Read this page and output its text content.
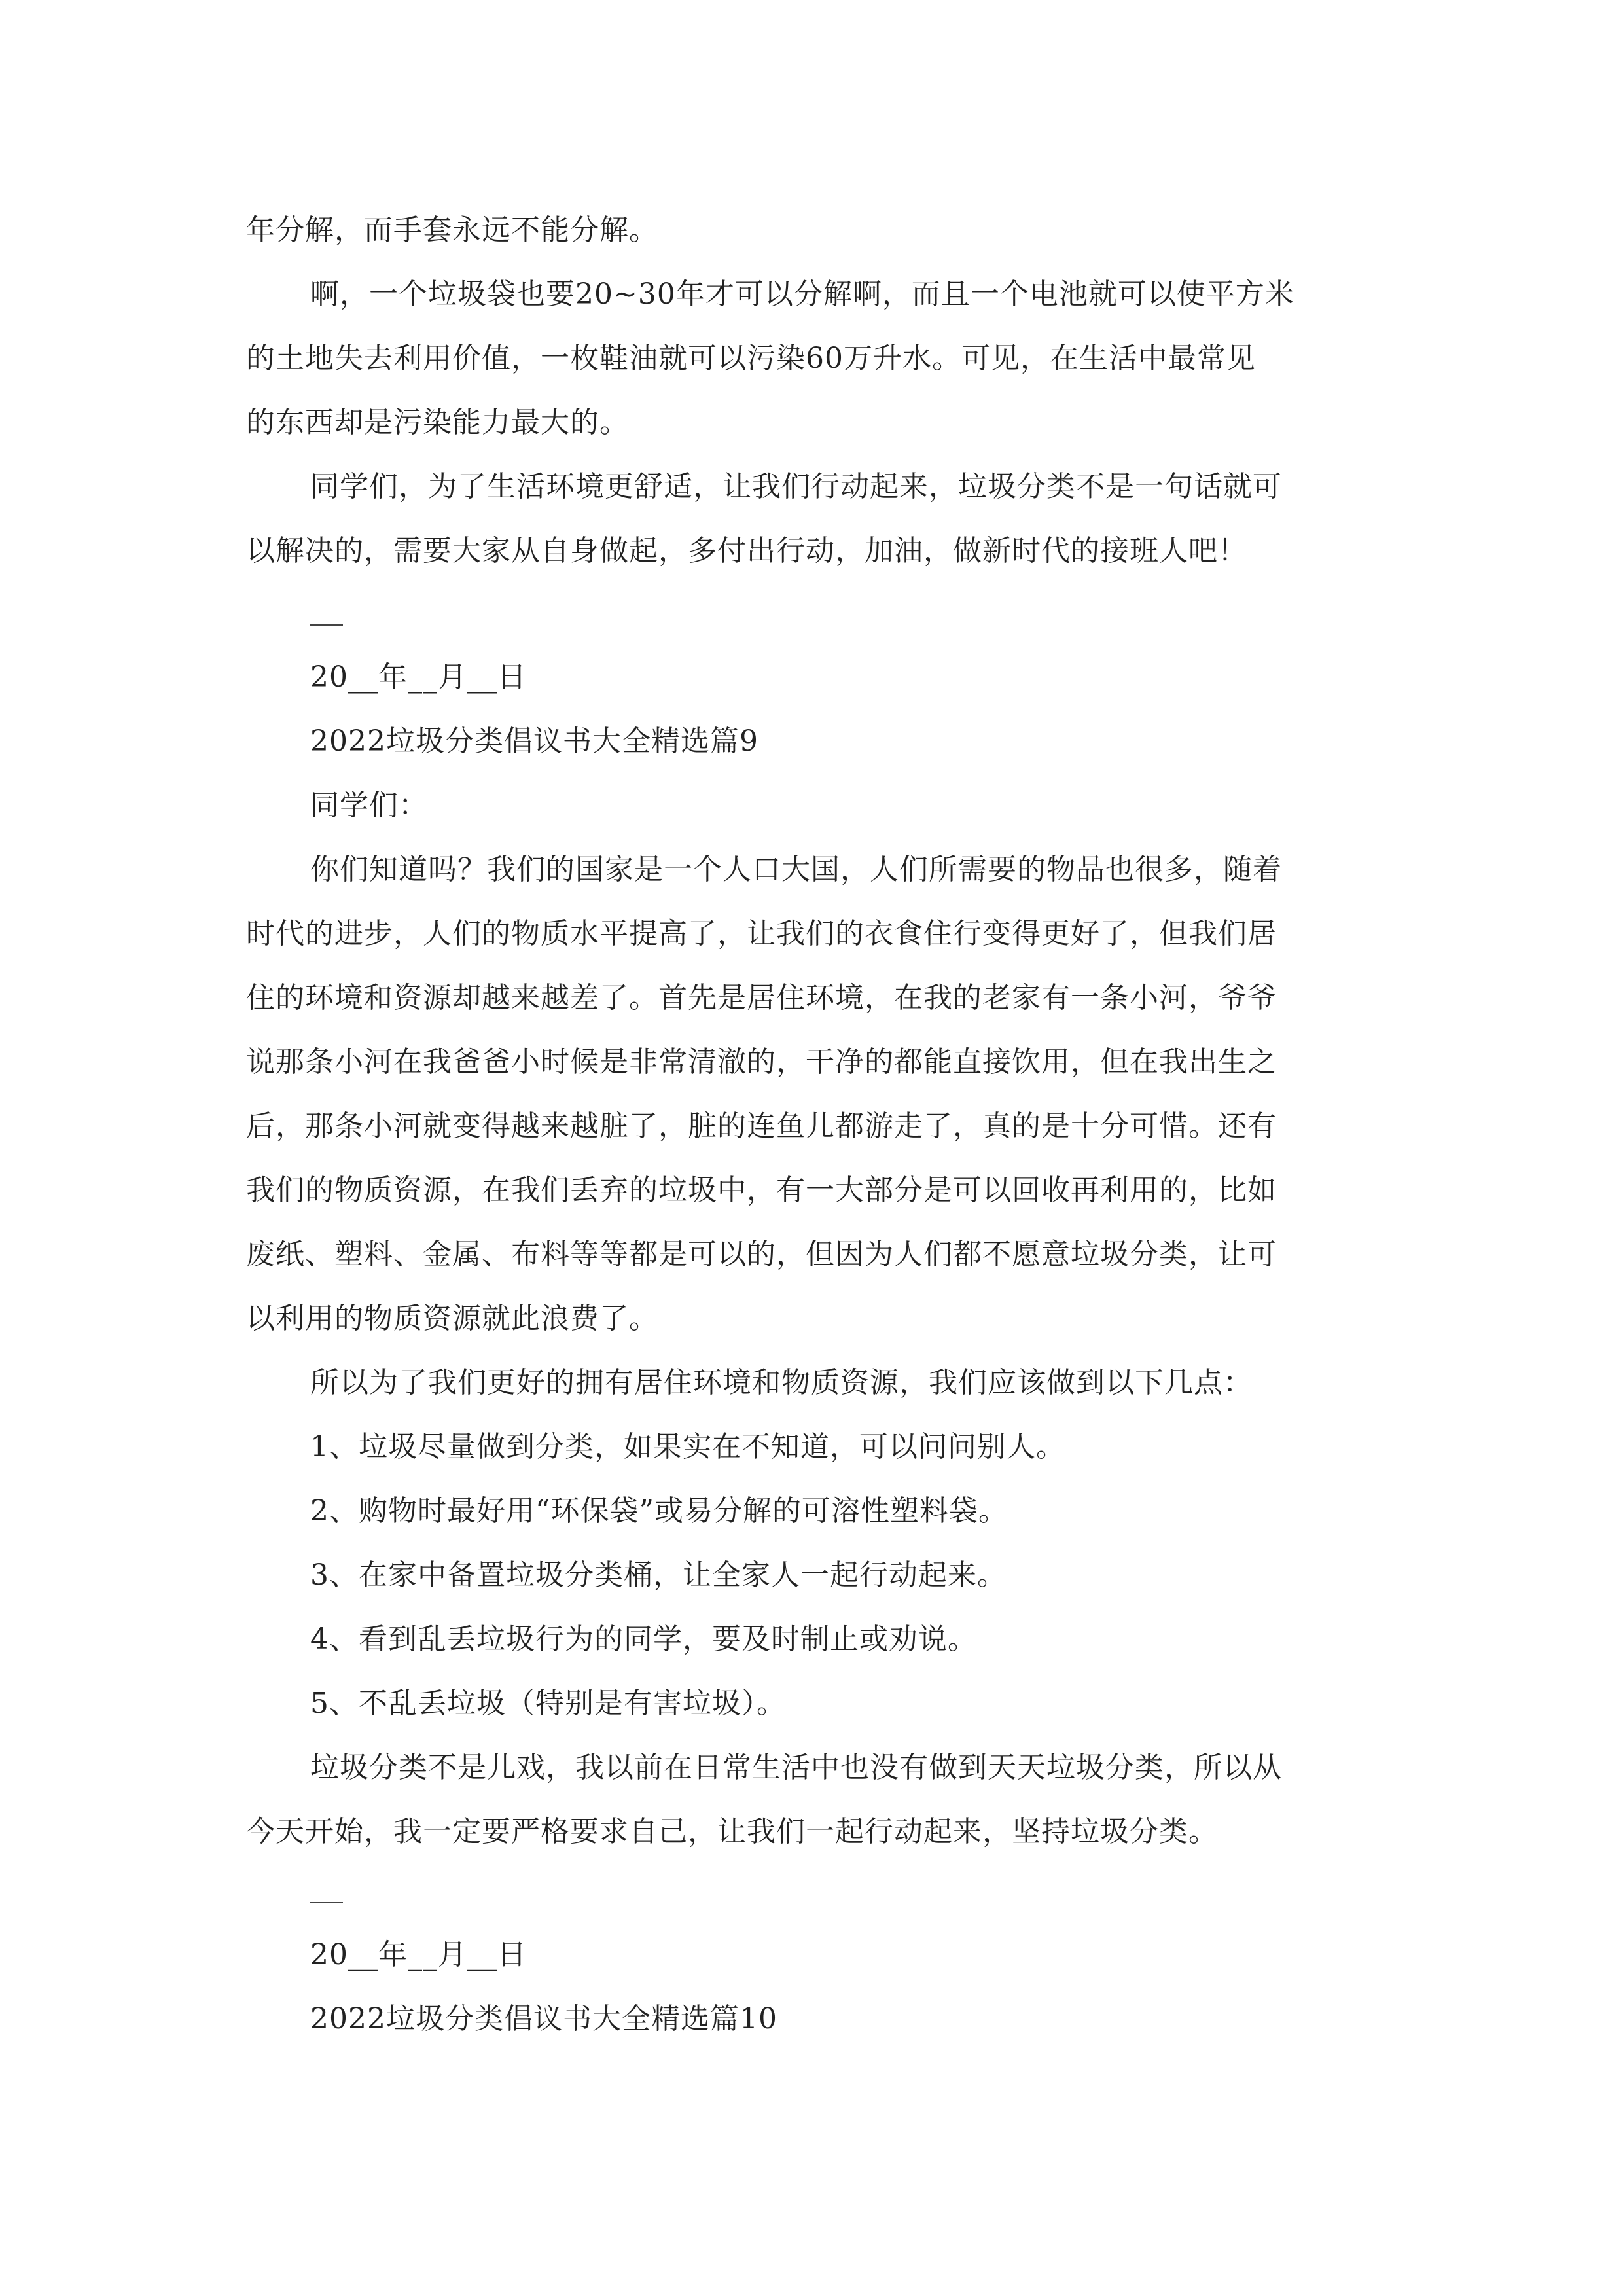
年分解，而手套永远不能分解。
啊，一个垃圾袋也要20~30年才可以分解啊，而且一个电池就可以使平方米
的土地失去利用价值，一枚鞋油就可以污染60万升水。可见，在生活中最常见
的东西却是污染能力最大的。
同学们，为了生活环境更舒适，让我们行动起来，垃圾分类不是一句话就可
以解决的，需要大家从自身做起，多付出行动，加油，做新时代的接班人吧！
20__年__月__日
2022垃圾分类倡议书大全精选篇9
同学们：
你们知道吗？我们的国家是一个人口大国，人们所需要的物品也很多，随着
时代的进步，人们的物质水平提高了，让我们的衣食住行变得更好了，但我们居
住的环境和资源却越来越差了。首先是居住环境，在我的老家有一条小河，爷爷
说那条小河在我爸爸小时候是非常清澈的，干净的都能直接饮用，但在我出生之
后，那条小河就变得越来越脏了，脏的连鱼儿都游走了，真的是十分可惜。还有
我们的物质资源，在我们丢弃的垃圾中，有一大部分是可以回收再利用的，比如
废纸、塑料、金属、布料等等都是可以的，但因为人们都不愿意垃圾分类，让可
以利用的物质资源就此浪费了。
所以为了我们更好的拥有居住环境和物质资源，我们应该做到以下几点：
1、垃圾尽量做到分类，如果实在不知道，可以问问别人。
2、购物时最好用“环保袋”或易分解的可溶性塑料袋。
3、在家中备置垃圾分类桶，让全家人一起行动起来。
4、看到乱丢垃圾行为的同学，要及时制止或劝说。
5、不乱丢垃圾（特别是有害垃圾）。
垃圾分类不是儿戏，我以前在日常生活中也没有做到天天垃圾分类，所以从
今天开始，我一定要严格要求自己，让我们一起行动起来，坚持垃圾分类。
20__年__月__日
2022垃圾分类倡议书大全精选篇10
